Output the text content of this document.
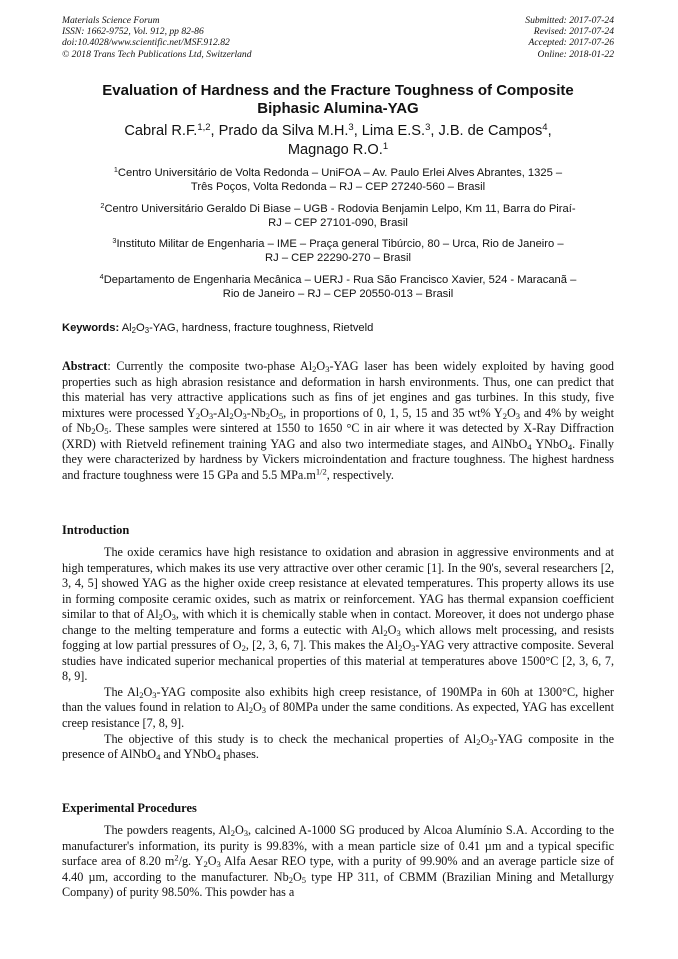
Materials Science Forum
ISSN: 1662-9752, Vol. 912, pp 82-86
doi:10.4028/www.scientific.net/MSF.912.82
© 2018 Trans Tech Publications Ltd, Switzerland
Submitted: 2017-07-24
Revised: 2017-07-24
Accepted: 2017-07-26
Online: 2018-01-22
Evaluation of Hardness and the Fracture Toughness of Composite
Biphasic Alumina-YAG
Cabral R.F.$^{1,2}$, Prado da Silva M.H.$^3$, Lima E.S.$^3$, J.B. de Campos$^4$,
Magnago R.O.$^1$
$^1$Centro Universitário de Volta Redonda – UniFOA – Av. Paulo Erlei Alves Abrantes, 1325 –
Três Poços, Volta Redonda – RJ – CEP 27240-560 – Brasil
$^2$Centro Universitário Geraldo Di Biase – UGB - Rodovia Benjamin Lelpo, Km 11, Barra do Piraí-
RJ – CEP 27101-090, Brasil
$^3$Instituto Militar de Engenharia – IME – Praça general Tibúrcio, 80 – Urca, Rio de Janeiro –
RJ – CEP 22290-270 – Brasil
$^4$Departamento de Engenharia Mecânica – UERJ - Rua São Francisco Xavier, 524 - Maracanã –
Rio de Janeiro – RJ – CEP 20550-013 – Brasil
Keywords: $Al_2O_3$-YAG, hardness, fracture toughness, Rietveld
Abstract: Currently the composite two-phase $Al_2O_3$-YAG laser has been widely exploited by having good properties such as high abrasion resistance and deformation in harsh environments. Thus, one can predict that this material has very attractive applications such as fins of jet engines and gas turbines. In this study, five mixtures were processed $Y_2O_3-Al_2O_3-Nb_2O_5$, in proportions of 0, 1, 5, 15 and 35 wt% $Y_2O_3$ and 4% by weight of $Nb_2O_5$. These samples were sintered at 1550 to 1650 °C in air where it was detected by X-Ray Diffraction (XRD) with Rietveld refinement training YAG and also two intermediate stages, and AlNbO$_4$ YNbO$_4$. Finally they were characterized by hardness by Vickers microindentation and fracture toughness. The highest hardness and fracture toughness were 15 GPa and 5.5 $MPa.m^{1/2}$, respectively.
Introduction

The oxide ceramics have high resistance to oxidation and abrasion in aggressive environments and at high temperatures, which makes its use very attractive over other ceramic [1]. In the 90's, several researchers [2, 3, 4, 5] showed YAG as the higher oxide creep resistance at elevated temperatures. This property allows its use in forming composite ceramic oxides, such as matrix or reinforcement. YAG has thermal expansion coefficient similar to that of $Al_2O_3$, with which it is chemically stable when in contact. Moreover, it does not undergo phase change to the melting temperature and forms a eutectic with $Al_2O_3$ which allows melt processing, and resists fogging at low partial pressures of $O_2$, [2, 3, 6, 7]. This makes the $Al_2O_3$-YAG very attractive composite. Several studies have indicated superior mechanical properties of this material at temperatures above 1500°C [2, 3, 6, 7, 8, 9].

The $Al_2O_3$-YAG composite also exhibits high creep resistance, of 190MPa in 60h at 1300°C, higher than the values found in relation to $Al_2O_3$ of 80MPa under the same conditions. As expected, YAG has excellent creep resistance [7, 8, 9].

The objective of this study is to check the mechanical properties of $Al_2O_3$-YAG composite in the presence of AlNbO$_4$ and YNbO$_4$ phases.

Experimental Procedures

The powders reagents, $Al_2O_3$, calcined A-1000 SG produced by Alcoa Alumínio S.A. According to the manufacturer's information, its purity is 99.83%, with a mean particle size of 0.41 µm and a typical specific surface area of 8.20 $m^2/g$. $Y_2O_3$ Alfa Aesar REO type, with a purity of 99.90% and an average particle size of 4.40 µm, according to the manufacturer. $Nb_2O_5$ type HP 311, of CBMM (Brazilian Mining and Metallurgy Company) of purity 98.50%. This powder has a
